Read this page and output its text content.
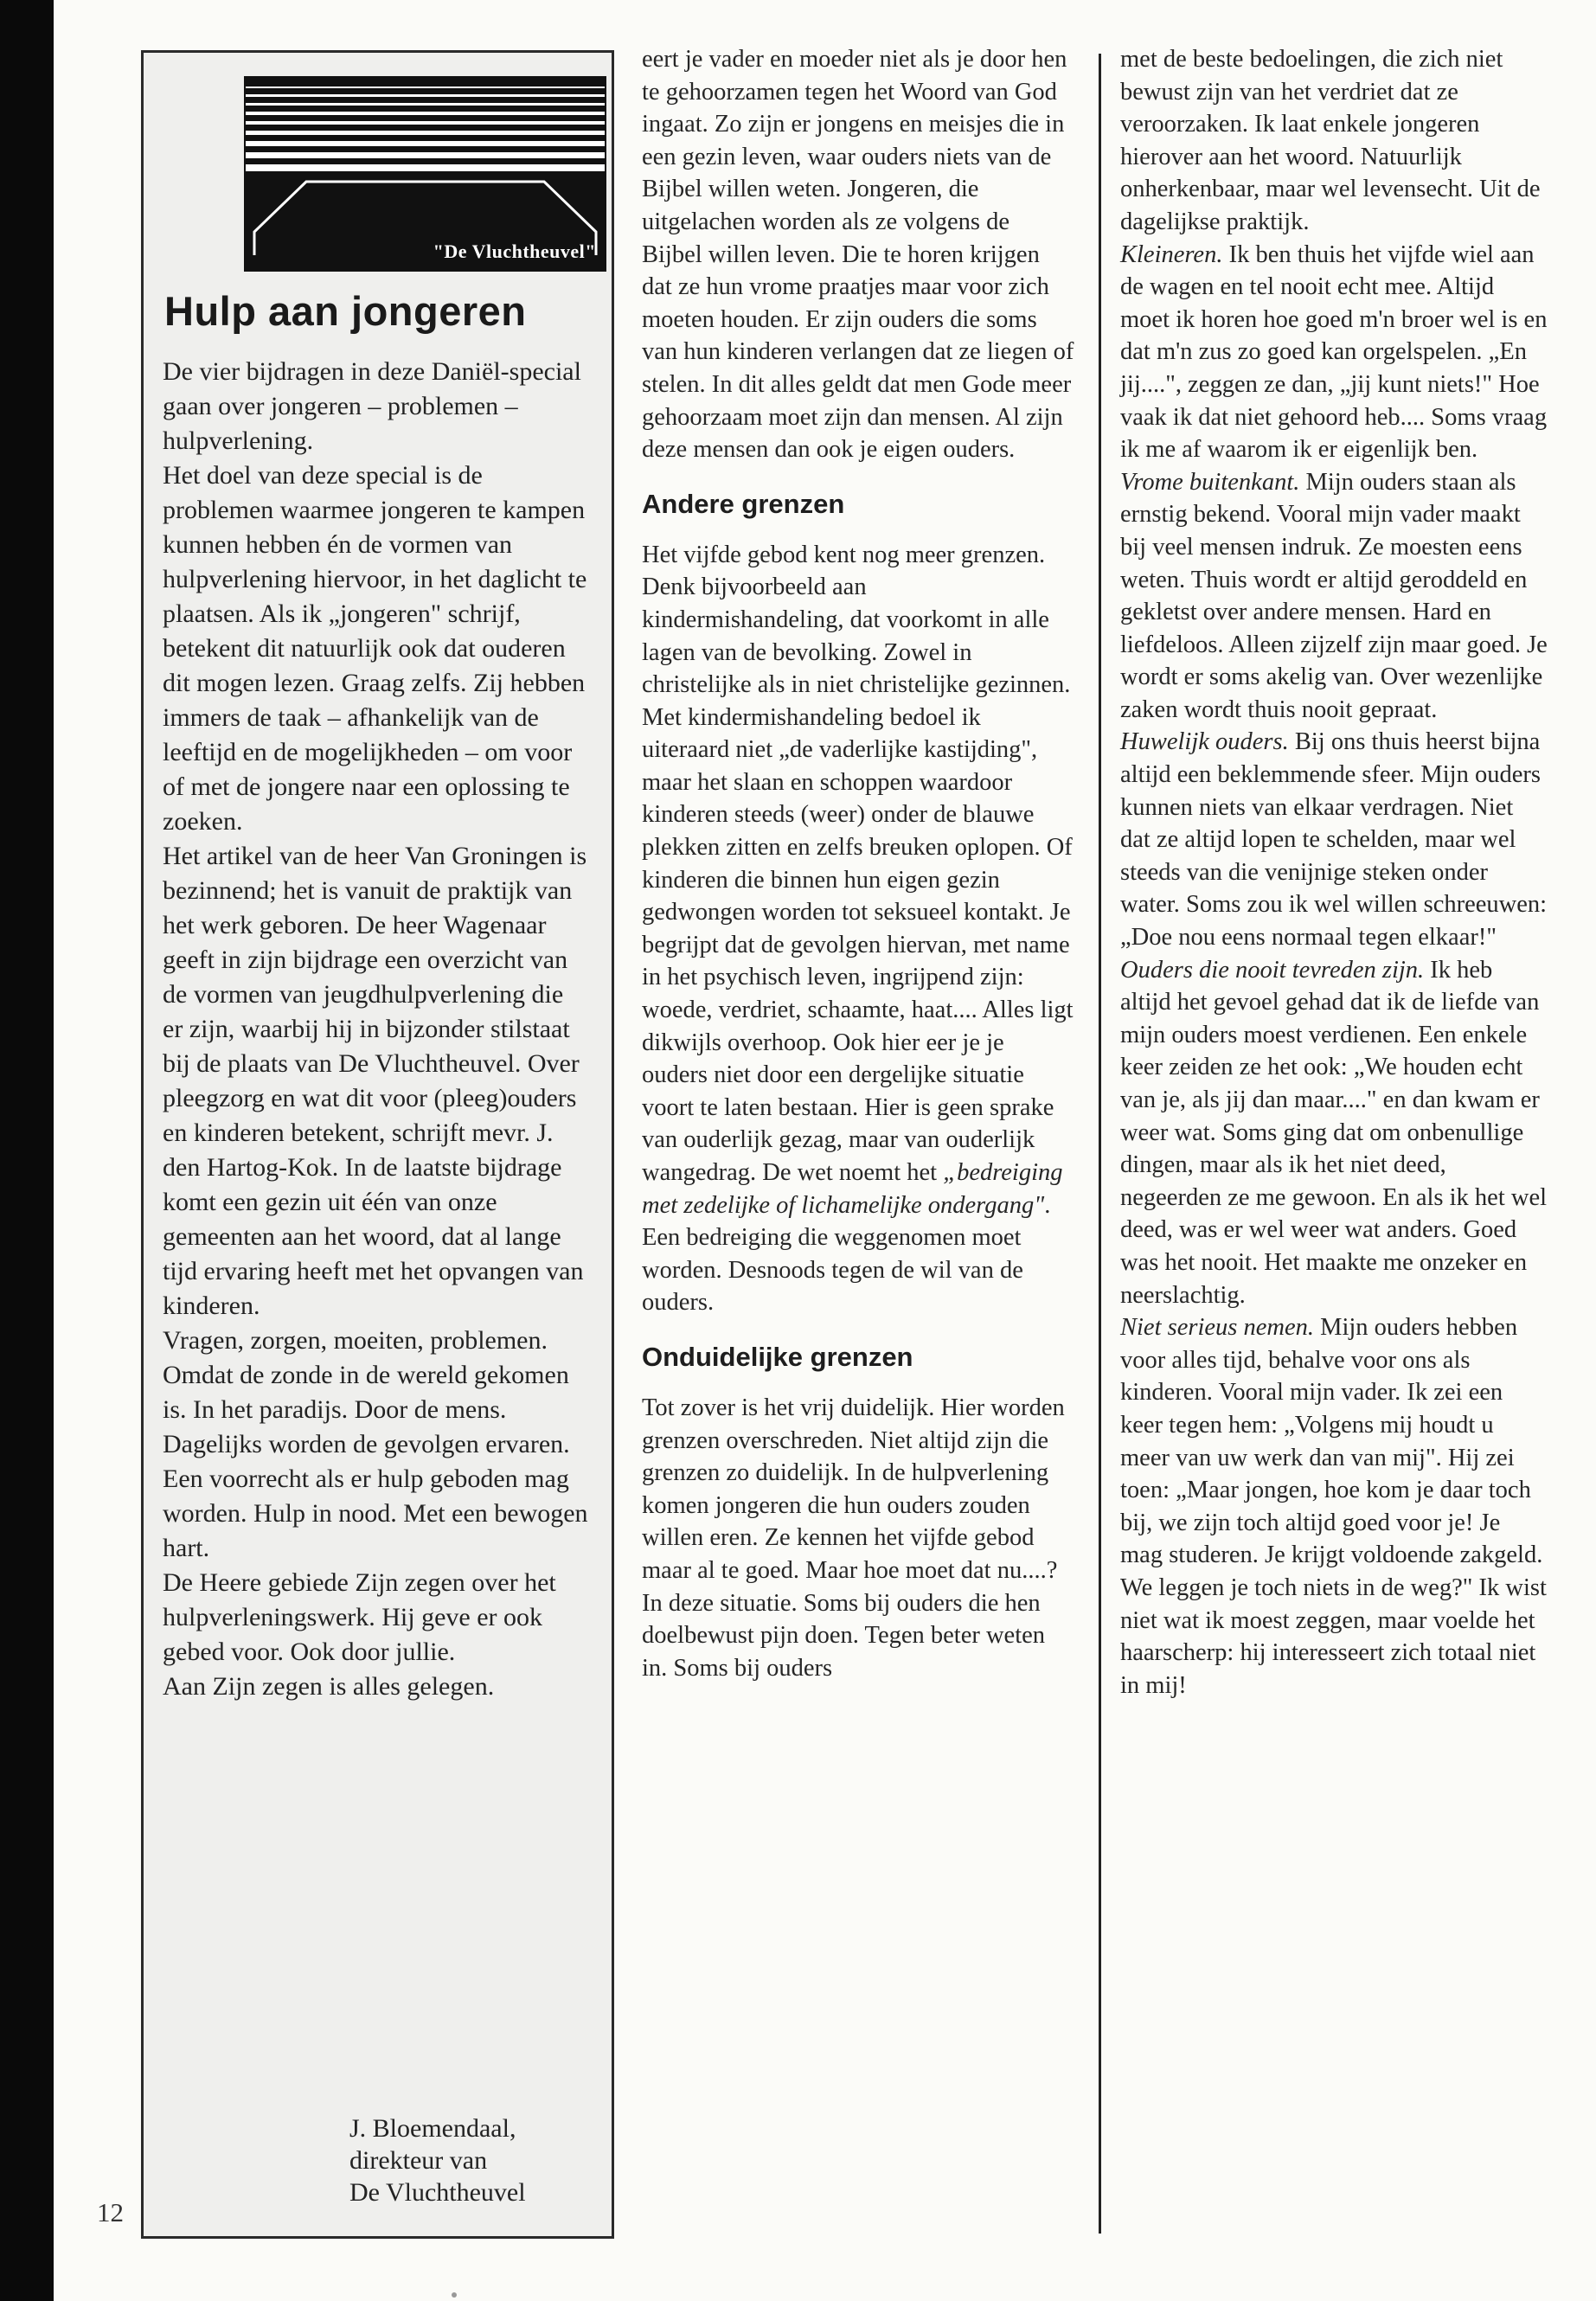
"De Vluchtheuvel"
Hulp aan jongeren

De vier bijdragen in deze Daniël-special gaan over jongeren – problemen – hulpverlening.

Het doel van deze special is de problemen waarmee jongeren te kampen kunnen hebben én de vormen van hulpverlening hiervoor, in het daglicht te plaatsen. Als ik „jongeren" schrijf, betekent dit natuurlijk ook dat ouderen dit mogen lezen. Graag zelfs. Zij hebben immers de taak – afhankelijk van de leeftijd en de mogelijkheden – om voor of met de jongere naar een oplossing te zoeken.

Het artikel van de heer Van Groningen is bezinnend; het is vanuit de praktijk van het werk geboren. De heer Wagenaar geeft in zijn bijdrage een overzicht van de vormen van jeugdhulpverlening die er zijn, waarbij hij in bijzonder stilstaat bij de plaats van De Vluchtheuvel. Over pleegzorg en wat dit voor (pleeg)ouders en kinderen betekent, schrijft mevr. J. den Hartog-Kok. In de laatste bijdrage komt een gezin uit één van onze gemeenten aan het woord, dat al lange tijd ervaring heeft met het opvangen van kinderen.

Vragen, zorgen, moeiten, problemen. Omdat de zonde in de wereld gekomen is. In het paradijs. Door de mens. Dagelijks worden de gevolgen ervaren. Een voorrecht als er hulp geboden mag worden. Hulp in nood. Met een bewogen hart.

De Heere gebiede Zijn zegen over het hulpverleningswerk. Hij geve er ook gebed voor. Ook door jullie.

Aan Zijn zegen is alles gelegen.

J. Bloemendaal,
direkteur van
De Vluchtheuvel
12

eert je vader en moeder niet als je door hen te gehoorzamen tegen het Woord van God ingaat. Zo zijn er jongens en meisjes die in een gezin leven, waar ouders niets van de Bijbel willen weten. Jongeren, die uitgelachen worden als ze volgens de Bijbel willen leven. Die te horen krijgen dat ze hun vrome praatjes maar voor zich moeten houden. Er zijn ouders die soms van hun kinderen verlangen dat ze liegen of stelen. In dit alles geldt dat men Gode meer gehoorzaam moet zijn dan mensen. Al zijn deze mensen dan ook je eigen ouders.

Andere grenzen

Het vijfde gebod kent nog meer grenzen. Denk bijvoorbeeld aan kindermishandeling, dat voorkomt in alle lagen van de bevolking. Zowel in christelijke als in niet christelijke gezinnen. Met kindermishandeling bedoel ik uiteraard niet „de vaderlijke kastijding", maar het slaan en schoppen waardoor kinderen steeds (weer) onder de blauwe plekken zitten en zelfs breuken oplopen. Of kinderen die binnen hun eigen gezin gedwongen worden tot seksueel kontakt. Je begrijpt dat de gevolgen hiervan, met name in het psychisch leven, ingrijpend zijn: woede, verdriet, schaamte, haat.... Alles ligt dikwijls overhoop. Ook hier eer je je ouders niet door een dergelijke situatie voort te laten bestaan. Hier is geen sprake van ouderlijk gezag, maar van ouderlijk wangedrag. De wet noemt het „bedreiging met zedelijke of lichamelijke ondergang". Een bedreiging die weggenomen moet worden. Desnoods tegen de wil van de ouders.

Onduidelijke grenzen

Tot zover is het vrij duidelijk. Hier worden grenzen overschreden. Niet altijd zijn die grenzen zo duidelijk. In de hulpverlening komen jongeren die hun ouders zouden willen eren. Ze kennen het vijfde gebod maar al te goed. Maar hoe moet dat nu....? In deze situatie. Soms bij ouders die hen doelbewust pijn doen. Tegen beter weten in. Soms bij ouders

met de beste bedoelingen, die zich niet bewust zijn van het verdriet dat ze veroorzaken. Ik laat enkele jongeren hierover aan het woord. Natuurlijk onherkenbaar, maar wel levensecht. Uit de dagelijkse praktijk.

Kleineren. Ik ben thuis het vijfde wiel aan de wagen en tel nooit echt mee. Altijd moet ik horen hoe goed m'n broer wel is en dat m'n zus zo goed kan orgelspelen. „En jij....", zeggen ze dan, „jij kunt niets!" Hoe vaak ik dat niet gehoord heb.... Soms vraag ik me af waarom ik er eigenlijk ben.

Vrome buitenkant. Mijn ouders staan als ernstig bekend. Vooral mijn vader maakt bij veel mensen indruk. Ze moesten eens weten. Thuis wordt er altijd geroddeld en gekletst over andere mensen. Hard en liefdeloos. Alleen zijzelf zijn maar goed. Je wordt er soms akelig van. Over wezenlijke zaken wordt thuis nooit gepraat.

Huwelijk ouders. Bij ons thuis heerst bijna altijd een beklemmende sfeer. Mijn ouders kunnen niets van elkaar verdragen. Niet dat ze altijd lopen te schelden, maar wel steeds van die venijnige steken onder water. Soms zou ik wel willen schreeuwen: „Doe nou eens normaal tegen elkaar!"

Ouders die nooit tevreden zijn. Ik heb altijd het gevoel gehad dat ik de liefde van mijn ouders moest verdienen. Een enkele keer zeiden ze het ook: „We houden echt van je, als jij dan maar...." en dan kwam er weer wat. Soms ging dat om onbenullige dingen, maar als ik het niet deed, negeerden ze me gewoon. En als ik het wel deed, was er wel weer wat anders. Goed was het nooit. Het maakte me onzeker en neerslachtig.

Niet serieus nemen. Mijn ouders hebben voor alles tijd, behalve voor ons als kinderen. Vooral mijn vader. Ik zei een keer tegen hem: „Volgens mij houdt u meer van uw werk dan van mij". Hij zei toen: „Maar jongen, hoe kom je daar toch bij, we zijn toch altijd goed voor je! Je mag studeren. Je krijgt voldoende zakgeld. We leggen je toch niets in de weg?" Ik wist niet wat ik moest zeggen, maar voelde het haarscherp: hij interesseert zich totaal niet in mij!
